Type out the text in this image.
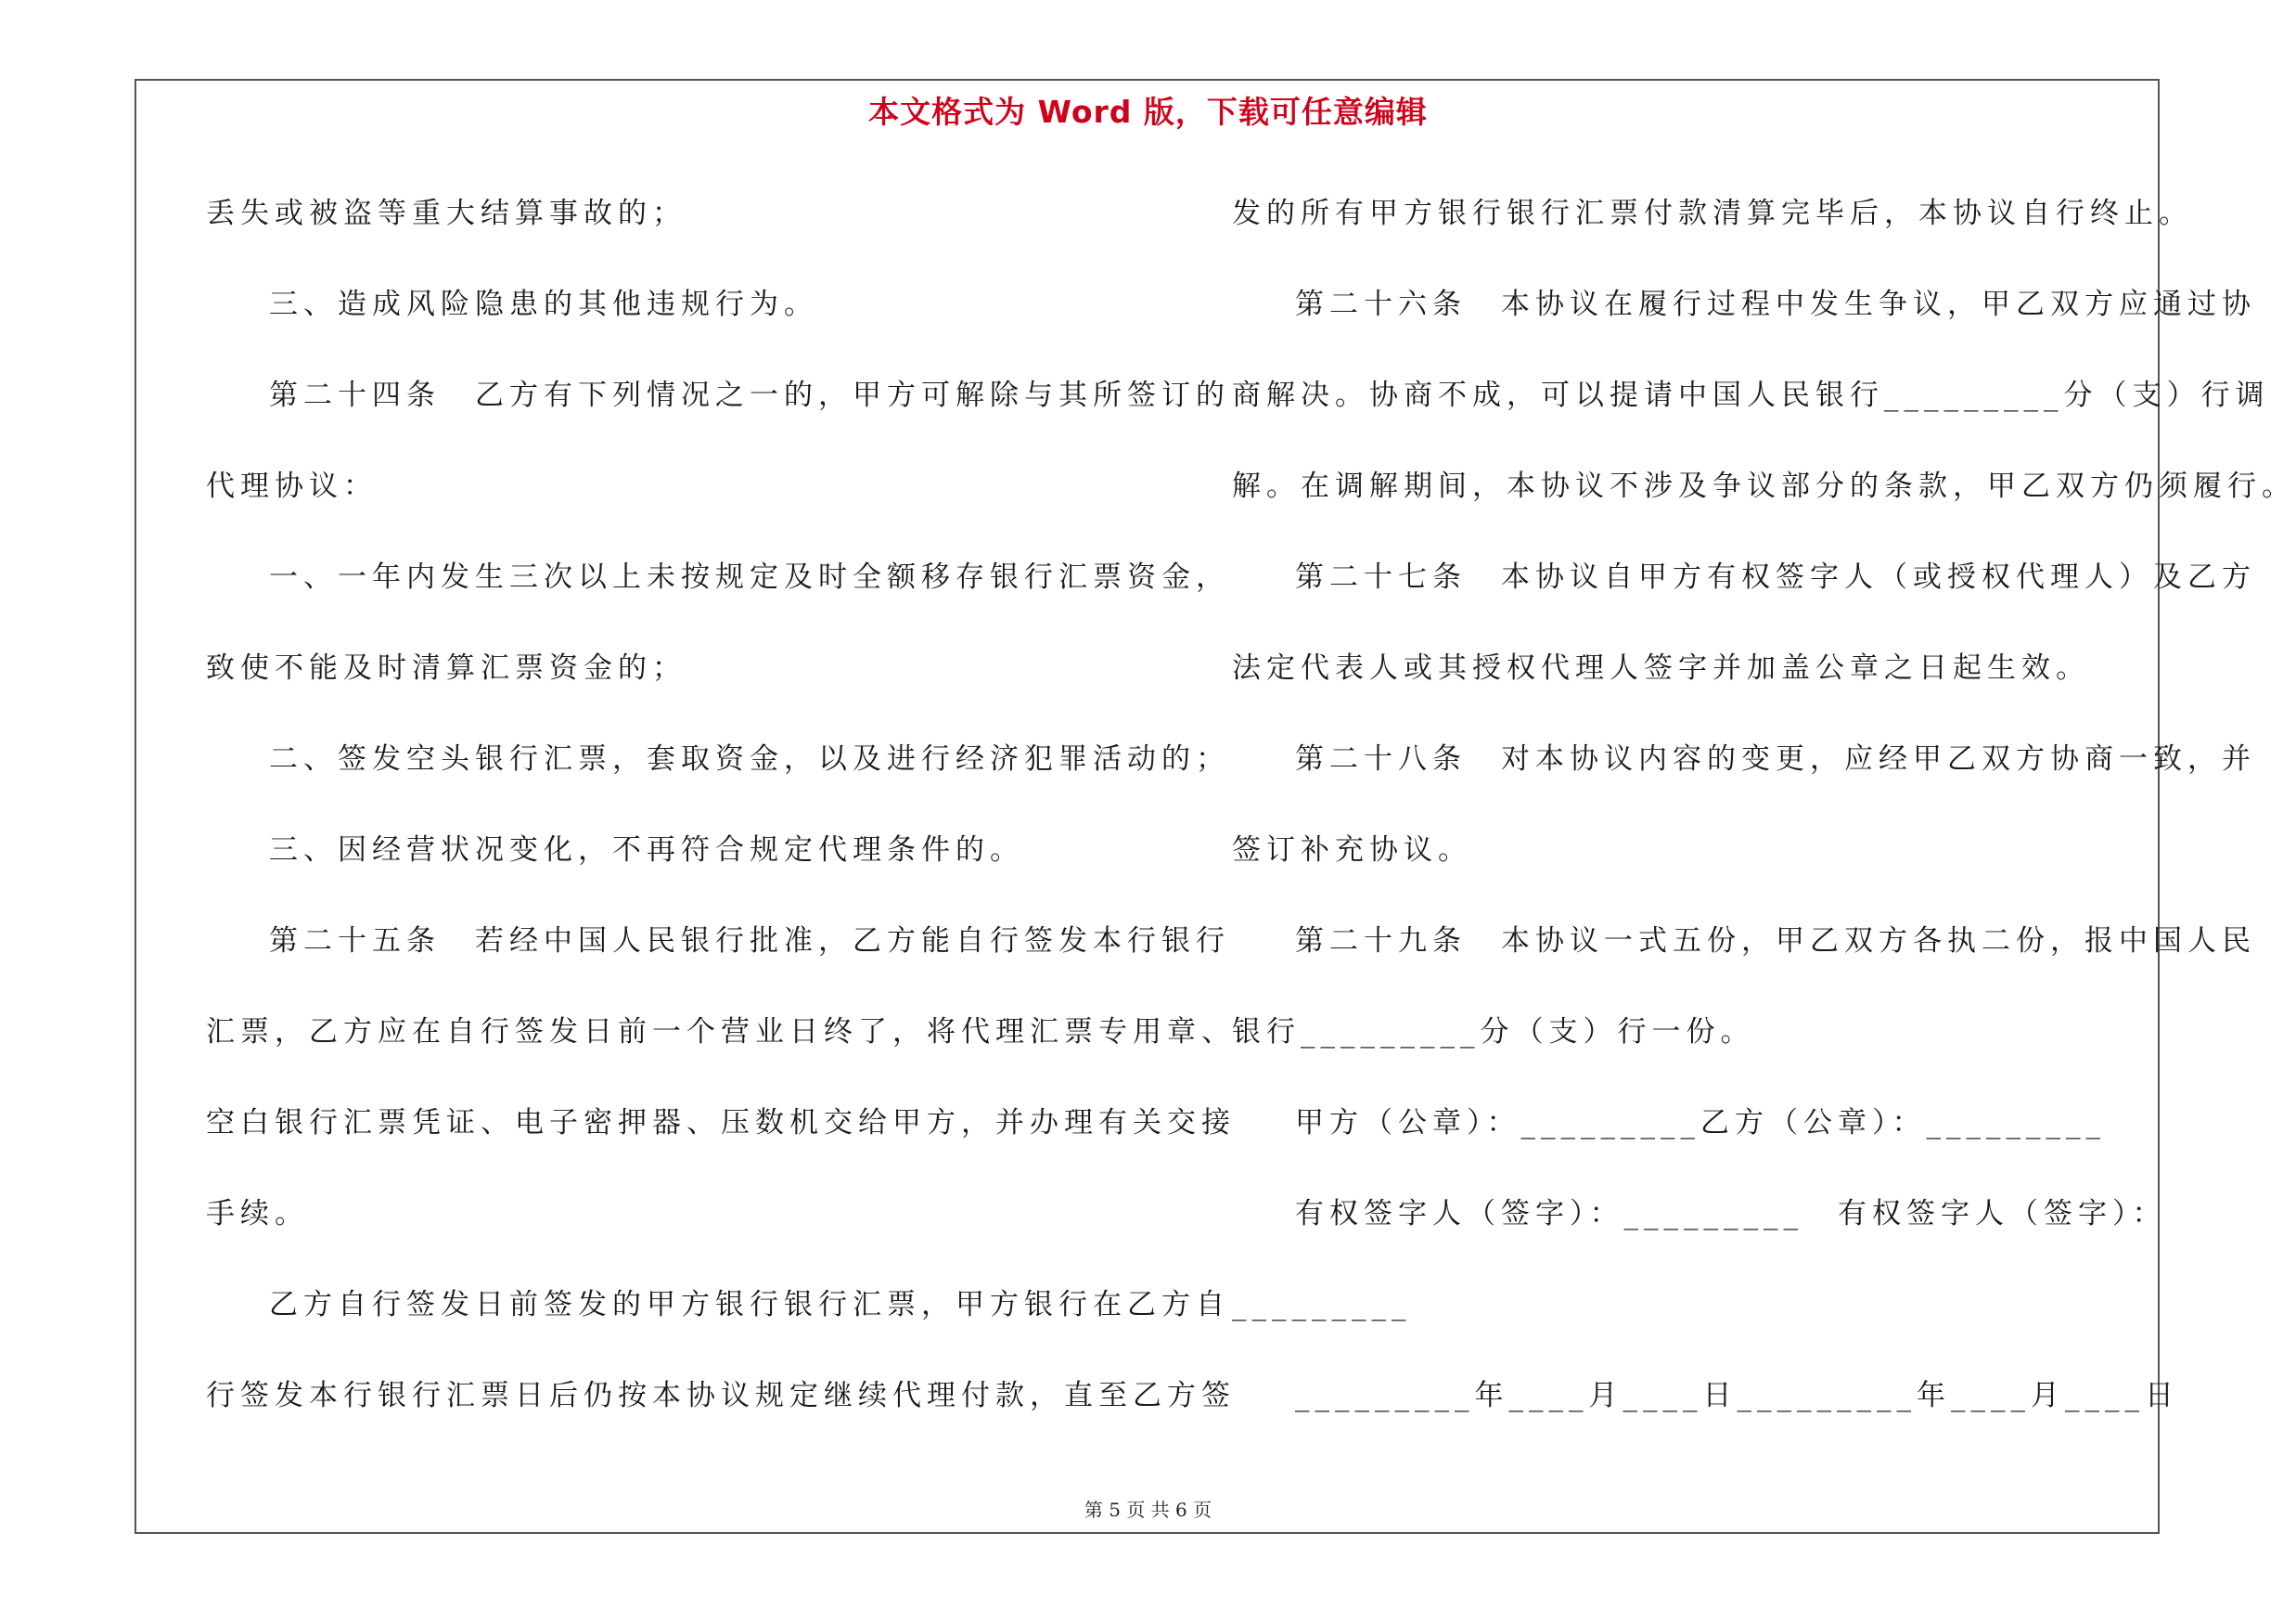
本文格式为 Word 版，下载可任意编辑
丢失或被盗等重大结算事故的；
三、造成风险隐患的其他违规行为。
第二十四条　乙方有下列情况之一的，甲方可解除与其所签订的
代理协议：
一、一年内发生三次以上未按规定及时全额移存银行汇票资金，
致使不能及时清算汇票资金的；
二、签发空头银行汇票，套取资金，以及进行经济犯罪活动的；
三、因经营状况变化，不再符合规定代理条件的。
第二十五条　若经中国人民银行批准，乙方能自行签发本行银行
汇票，乙方应在自行签发日前一个营业日终了，将代理汇票专用章、
空白银行汇票凭证、电子密押器、压数机交给甲方，并办理有关交接
手续。
乙方自行签发日前签发的甲方银行银行汇票，甲方银行在乙方自
行签发本行银行汇票日后仍按本协议规定继续代理付款，直至乙方签
发的所有甲方银行银行汇票付款清算完毕后，本协议自行终止。
第二十六条　本协议在履行过程中发生争议，甲乙双方应通过协
商解决。协商不成，可以提请中国人民银行_________分（支）行调
解。在调解期间，本协议不涉及争议部分的条款，甲乙双方仍须履行。
第二十七条　本协议自甲方有权签字人（或授权代理人）及乙方
法定代表人或其授权代理人签字并加盖公章之日起生效。
第二十八条　对本协议内容的变更，应经甲乙双方协商一致，并
签订补充协议。
第二十九条　本协议一式五份，甲乙双方各执二份，报中国人民
银行_________分（支）行一份。
甲方（公章）：_________乙方（公章）：_________
有权签字人（签字）：_________　有权签字人（签字）：
_________
_________年____月____日_________年____月____日
第 5 页 共 6 页
